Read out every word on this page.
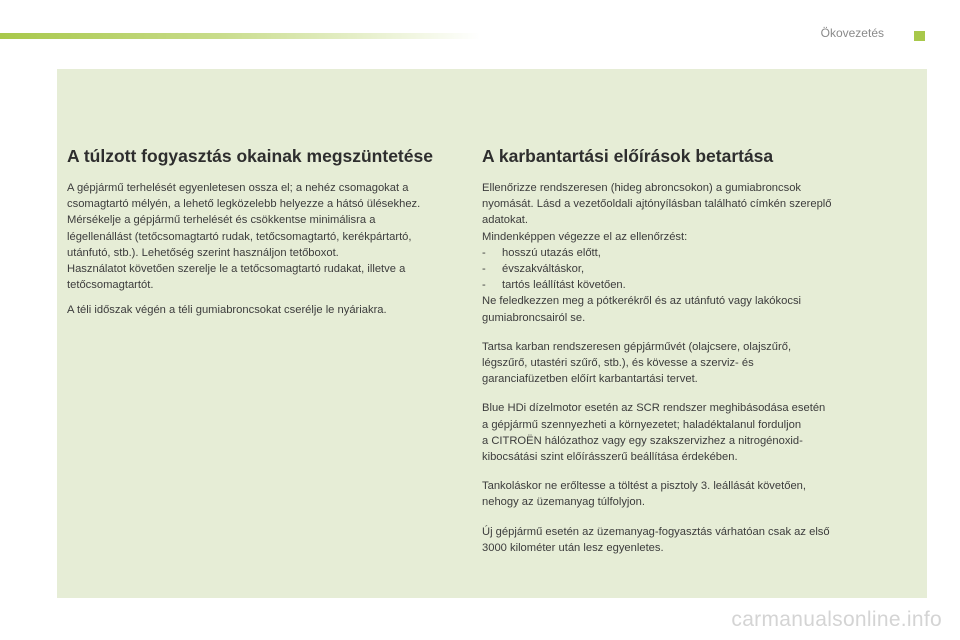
Ökovezetés
A túlzott fogyasztás okainak megszüntetése

A gépjármű terhelését egyenletesen ossza el; a nehéz csomagokat a
csomagtartó mélyén, a lehető legközelebb helyezze a hátsó ülésekhez.
Mérsékelje a gépjármű terhelését és csökkentse minimálisra a
légellenállást (tetőcsomagtartó rudak, tetőcsomagtartó, kerékpártartó,
utánfutó, stb.). Lehetőség szerint használjon tetőboxot.
Használatot követően szerelje le a tetőcsomagtartó rudakat, illetve a
tetőcsomagtartót.

A téli időszak végén a téli gumiabroncsokat cserélje le nyáriakra.

A karbantartási előírások betartása

Ellenőrizze rendszeresen (hideg abroncsokon) a gumiabroncsok
nyomását. Lásd a vezetőoldali ajtónyílásban található címkén szereplő
adatokat.
Mindenképpen végezze el az ellenőrzést:
- hosszú utazás előtt,
- évszakváltáskor,
- tartós leállítást követően.
Ne feledkezzen meg a pótkerékről és az utánfutó vagy lakókocsi
gumiabroncsairól se.

Tartsa karban rendszeresen gépjárművét (olajcsere, olajszűrő,
légszűrő, utastéri szűrő, stb.), és kövesse a szerviz- és
garanciafüzetben előírt karbantartási tervet.

Blue HDi dízelmotor esetén az SCR rendszer meghibásodása esetén
a gépjármű szennyezheti a környezetet; haladéktalanul forduljon
a CITROËN hálózathoz vagy egy szakszervizhez a nitrogénoxid-
kibocsátási szint előírásszerű beállítása érdekében.

Tankoláskor ne erőltesse a töltést a pisztoly 3. leállását követően,
nehogy az üzemanyag túlfolyjon.

Új gépjármű esetén az üzemanyag-fogyasztás várhatóan csak az első
3000 kilométer után lesz egyenletes.

carmanualsonline.info
